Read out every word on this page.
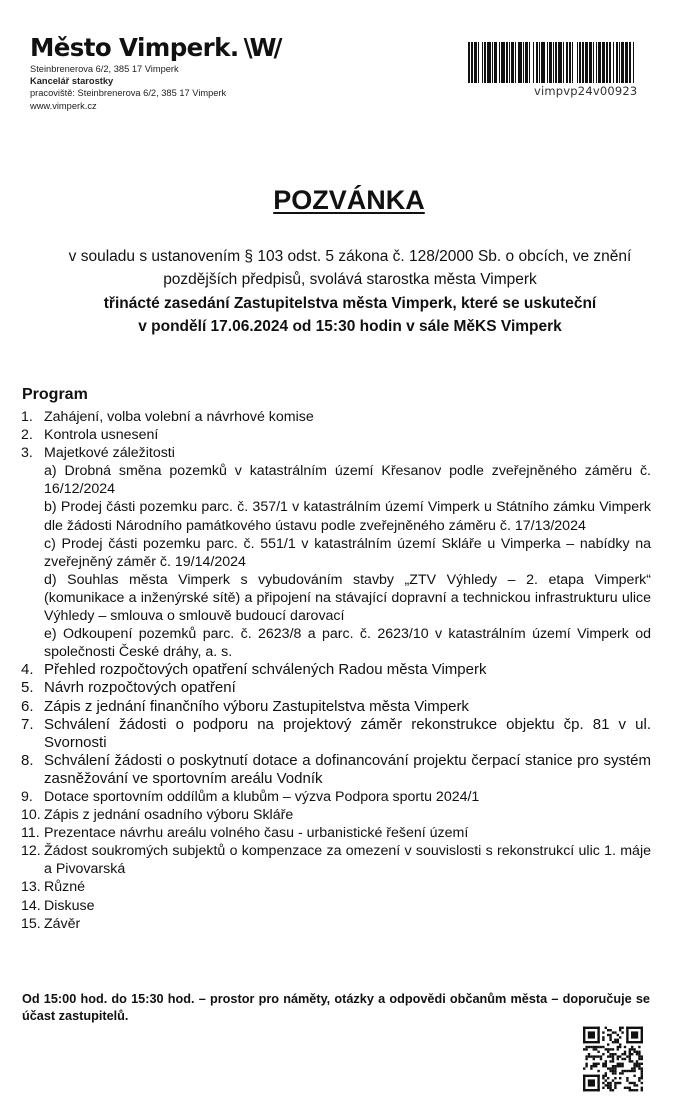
Město Vimperk. \W/
Steinbrenerova 6/2, 385 17 Vimperk
Kancelář starostky
pracoviště: Steinbrenerova 6/2, 385 17 Vimperk
www.vimperk.cz
vimpvp24v00923
POZVÁNKA
v souladu s ustanovením § 103 odst. 5 zákona č. 128/2000 Sb. o obcích, ve znění
pozdějších předpisů, svolává starostka města Vimperk
třinácté zasedání Zastupitelstva města Vimperk, které se uskuteční
v pondělí 17.06.2024 od 15:30 hodin v sále MěKS Vimperk
Program
1. Zahájení, volba volební a návrhové komise
2. Kontrola usnesení
3. Majetkové záležitosti
a) Drobná směna pozemků v katastrálním území Křesanov podle zveřejněného záměru č. 16/12/2024
b) Prodej části pozemku parc. č. 357/1 v katastrálním území Vimperk u Státního zámku Vimperk dle žádosti Národního památkového ústavu podle zveřejněného záměru č. 17/13/2024
c) Prodej části pozemku parc. č. 551/1 v katastrálním území Skláře u Vimperka – nabídky na zveřejněný záměr č. 19/14/2024
d) Souhlas města Vimperk s vybudováním stavby „ZTV Výhledy – 2. etapa Vimperk“ (komunikace a inženýrské sítě) a připojení na stávající dopravní a technickou infrastrukturu ulice Výhledy – smlouva o smlouvě budoucí darovací
e) Odkoupení pozemků parc. č. 2623/8 a parc. č. 2623/10 v katastrálním území Vimperk od společnosti České dráhy, a. s.
4. Přehled rozpočtových opatření schválených Radou města Vimperk
5. Návrh rozpočtových opatření
6. Zápis z jednání finančního výboru Zastupitelstva města Vimperk
7. Schválení žádosti o podporu na projektový záměr rekonstrukce objektu čp. 81 v ul. Svornosti
8. Schválení žádosti o poskytnutí dotace a dofinancování projektu čerpací stanice pro systém zasněžování ve sportovním areálu Vodník
9. Dotace sportovním oddílům a klubům – výzva Podpora sportu 2024/1
10. Zápis z jednání osadního výboru Skláře
11. Prezentace návrhu areálu volného času - urbanistické řešení území
12. Žádost soukromých subjektů o kompenzace za omezení v souvislosti s rekonstrukcí ulic 1. máje a Pivovarská
13. Různé
14. Diskuse
15. Závěr
Od 15:00 hod. do 15:30 hod. – prostor pro náměty, otázky a odpovědi občanům města – doporučuje se účast zastupitelů.
